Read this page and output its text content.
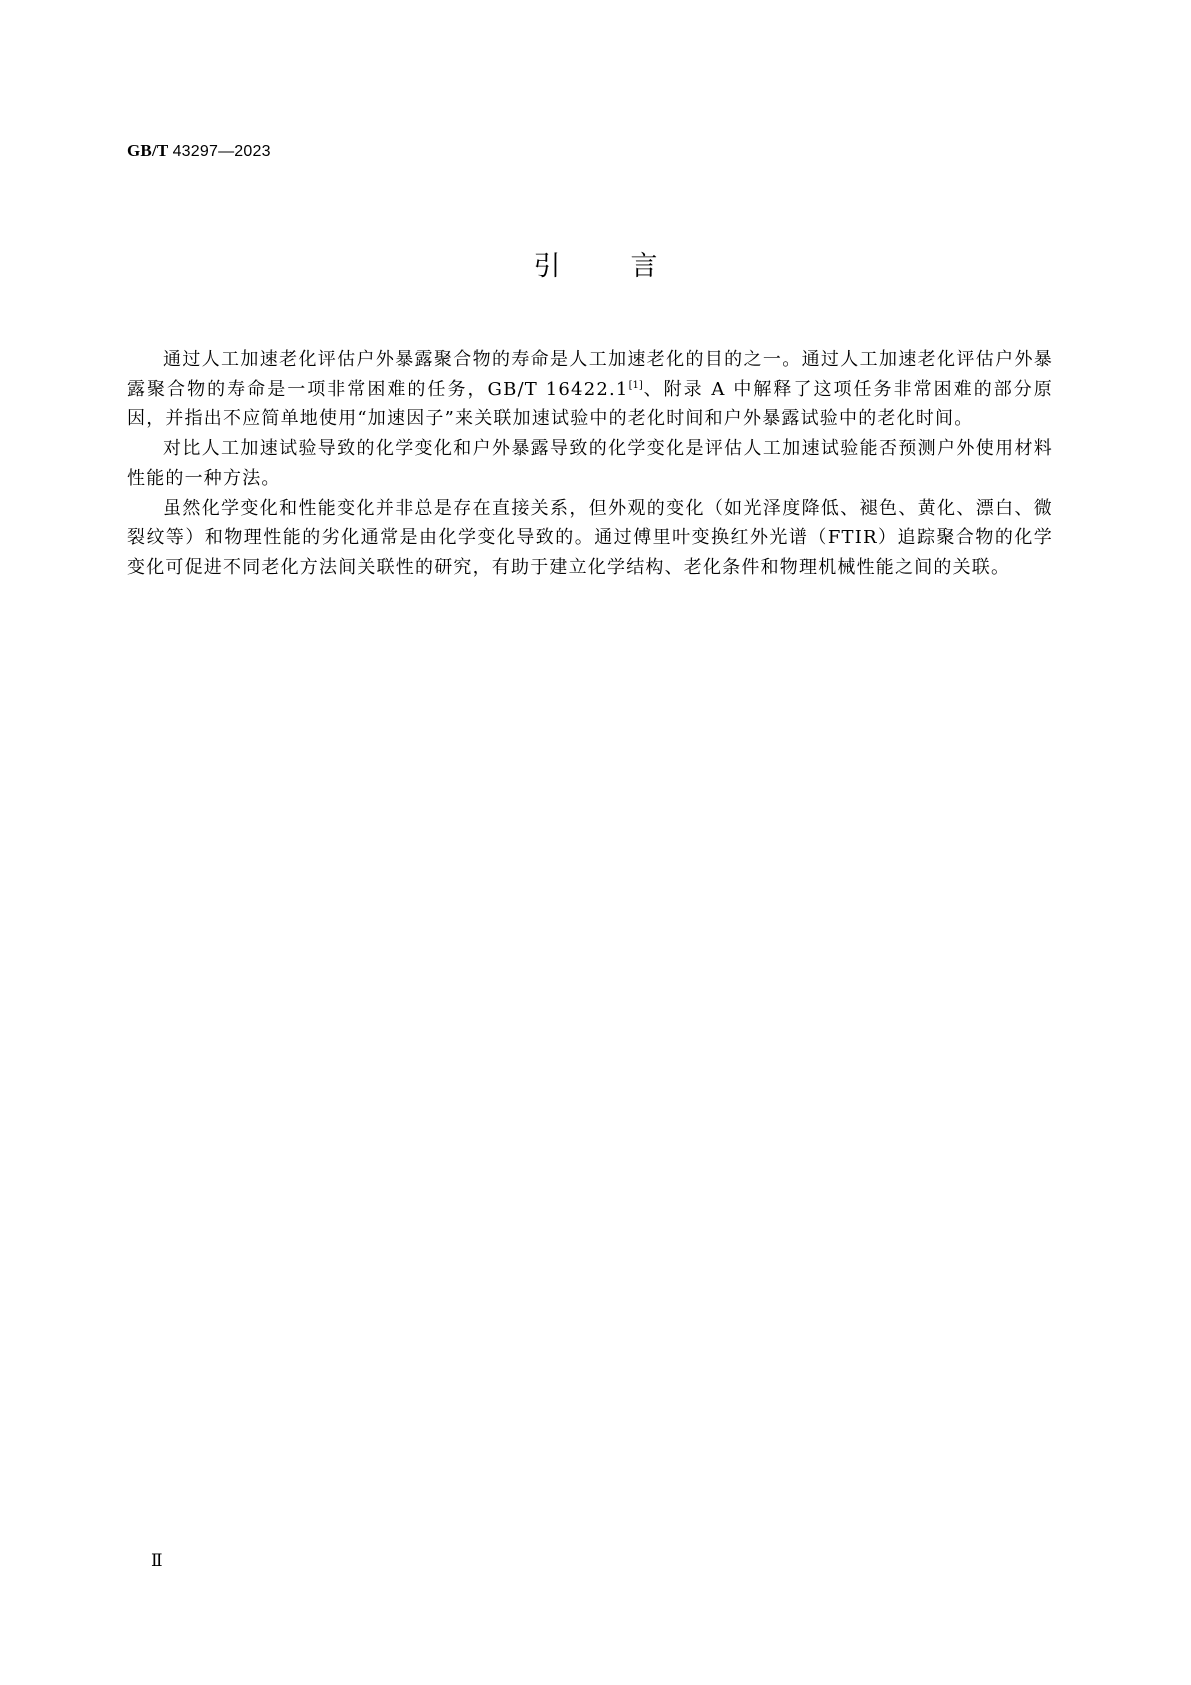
GB/T 43297—2023
引言

通过人工加速老化评估户外暴露聚合物的寿命是人工加速老化的目的之一。通过人工加速老化评估户外暴露聚合物的寿命是一项非常困难的任务，GB/T 16422.1[1]、附录 A 中解释了这项任务非常困难的部分原因，并指出不应简单地使用“加速因子”来关联加速试验中的老化时间和户外暴露试验中的老化时间。

对比人工加速试验导致的化学变化和户外暴露导致的化学变化是评估人工加速试验能否预测户外使用材料性能的一种方法。

虽然化学变化和性能变化并非总是存在直接关系，但外观的变化（如光泽度降低、褪色、黄化、漂白、微裂纹等）和物理性能的劣化通常是由化学变化导致的。通过傅里叶变换红外光谱（FTIR）追踪聚合物的化学变化可促进不同老化方法间关联性的研究，有助于建立化学结构、老化条件和物理机械性能之间的关联。

Ⅱ
